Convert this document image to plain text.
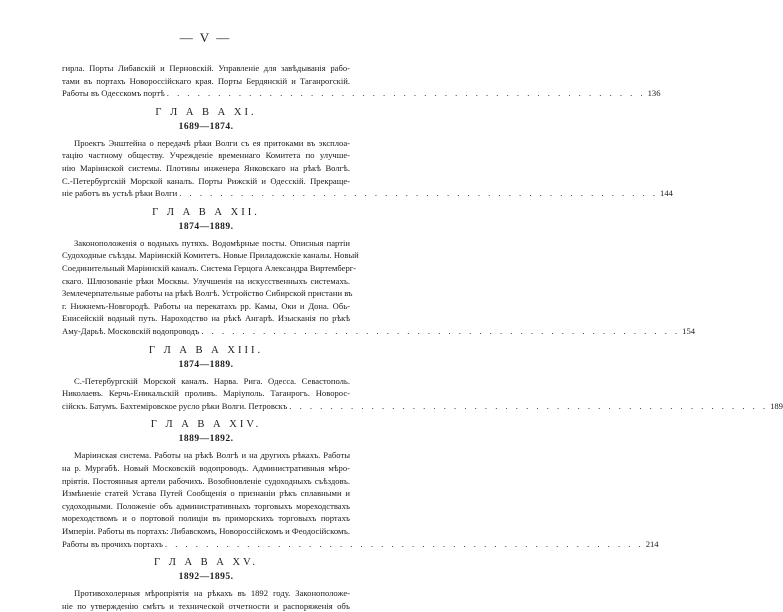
— V —
гирла. Порты Либавскій и Перновскій. Управленіе для завѣдыванія рабо-
тами въ портахъ Новороссійскаго края. Порты Бердянскій и Таганрогскій.
Работы въ Одесскомъ портѣ . . . . . . . . . . . . . . . . . . . . . . . . . . . . . . . . . . . . . . . . . . . . . . . 136
Г Л А В А XI.
1689—1874.
Проектъ Энштейна о передачѣ рѣки Волги съ ея притоками въ эксплоа-
тацію частному обществу. Учрежденіе временнаго Комитета по улучше-
нію Маріинской системы. Плотины инженера Янковскаго на рѣкѣ Волгѣ.
С.-Петербургскій Морской каналъ. Порты Рижскій и Одесскій. Прекраще-
ніе работъ въ устьѣ рѣки Волги . . . . . . . . . . . . . . . . . . . . . . . . . . . . . . . . . . . . . . . . . . . . . . . 144
Г Л А В А XII.
1874—1889.
Законоположенія о водныхъ путяхъ. Водомѣрные посты. Описныя партіи
Судоходные съѣзды. Маріинскій Комитетъ. Новые Приладожскіе каналы. Новый
Соединительный Маріинскій каналъ. Система Герцога Александра Виртемберг-
скаго. Шлюзованіе рѣки Москвы. Улучшенія на искусственныхъ системахъ.
Землечерпательные работы на рѣкѣ Волгѣ. Устройство Сибирской пристани въ
г. Нижнемъ-Новгородѣ. Работы на перекатахъ рр. Камы, Оки и Дона. Обь-
Енисейскій водный путь. Нароходство на рѣкѣ Ангарѣ. Изысканія по рѣкѣ
Аму-Дарьѣ. Московскій водопроводъ . . . . . . . . . . . . . . . . . . . . . . . . . . . . . . . . . . . . . . . . . . . . . . . 154
Г Л А В А XIII.
1874—1889.
С.-Петербургскій Морской каналъ. Нарва. Рига. Одесса. Севастополь.
Николаевъ. Керчь-Еникальскій проливъ. Маріуполь. Таганрогъ. Новорос-
сійскъ. Батумъ. Бахтеміровское русло рѣки Волги. Петровскъ . . . . . . . . . . . . . . . . . . . . . . . . . . . . . . . . . . . . . . . . . . . . . . . 189
Г Л А В А XIV.
1889—1892.
Маріинская система. Работы на рѣкѣ Волгѣ и на другихъ рѣкахъ. Работы
на р. Мургабѣ. Новый Московскій водопроводъ. Административныя мѣро-
пріятія. Постоянныя артели рабочихъ. Возобновленіе судоходныхъ съѣздовъ.
Измѣненіе статей Устава Путей Сообщенія о признаніи рѣкъ сплавными и
судоходными. Положеніе объ административныхъ торговыхъ мореходствахъ
мореходствомъ и о портовой полиціи въ приморскихъ торговыхъ портахъ
Имперіи. Работы въ портахъ: Либавскомъ, Новороссійскомъ и Феодосійскомъ.
Работы въ прочихъ портахъ . . . . . . . . . . . . . . . . . . . . . . . . . . . . . . . . . . . . . . . . . . . . . . . 214
Г Л А В А XV.
1892—1895.
Противохолерныя мѣропріятія на рѣкахъ въ 1892 году. Законоположе-
ніе по утвержденію смѣтъ и технической отчетности и распоряженія объ
